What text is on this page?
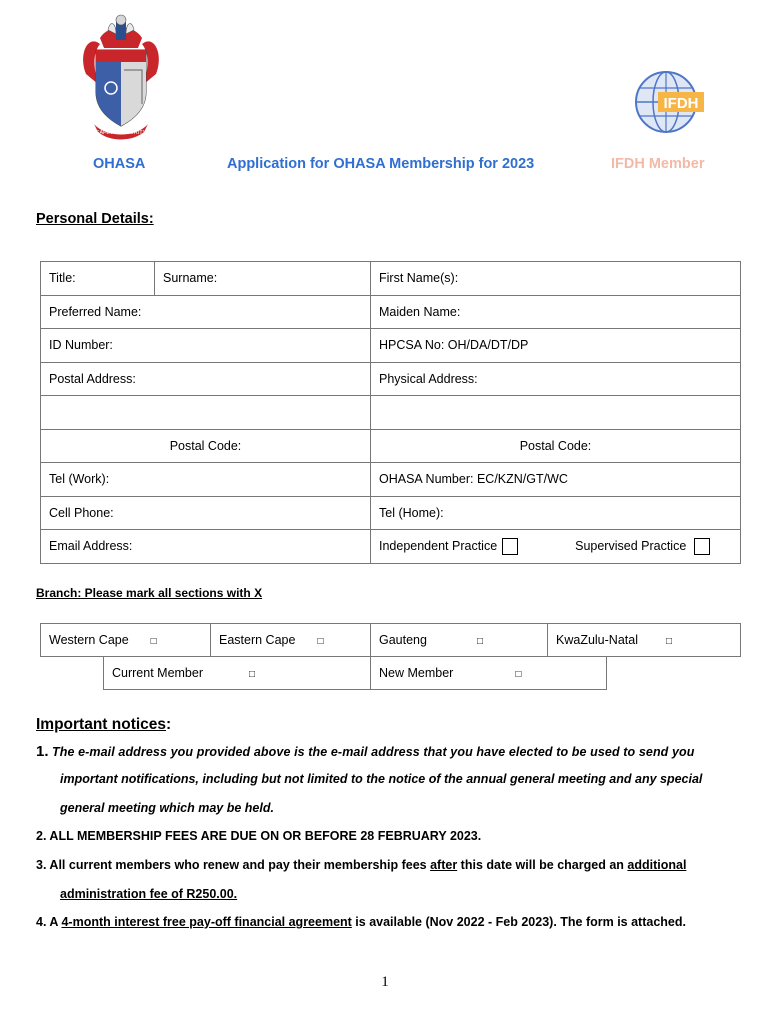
SAFETY SECURITY
IFDH
OHASA	Application for OHASA Membership for 2023	IFDH Member
Personal Details:
Title:	Surname:	First Name(s):
Preferred Name:		Maiden Name:
ID Number:		HPCSA No: OH/DA/DT/DP
Postal Address:		Physical Address:

Postal Code:		Postal Code:
Tel (Work):		OHASA Number: EC/KZN/GT/WC
Cell Phone:		Tel (Home):
Email Address:		Independent Practice Supervised Practice
Branch: Please mark all sections with X
Western Cape □	Eastern Cape □	Gauteng	□	KwaZulu-Natal	□
Current Member	□	New Member	□
Important notices:
1. The e-mail address you provided above is the e-mail address that you have elected to be used to send you
important notifications, including but not limited to the notice of the annual general meeting and any special
general meeting which may be held.
2. ALL MEMBERSHIP FEES ARE DUE ON OR BEFORE 28 FEBRUARY 2023.
3. All current members who renew and pay their membership fees after this date will be charged an additional
administration fee of R250.00.
4. A 4-month interest free pay-off financial agreement is available (Nov 2022 - Feb 2023). The form is attached.
1
